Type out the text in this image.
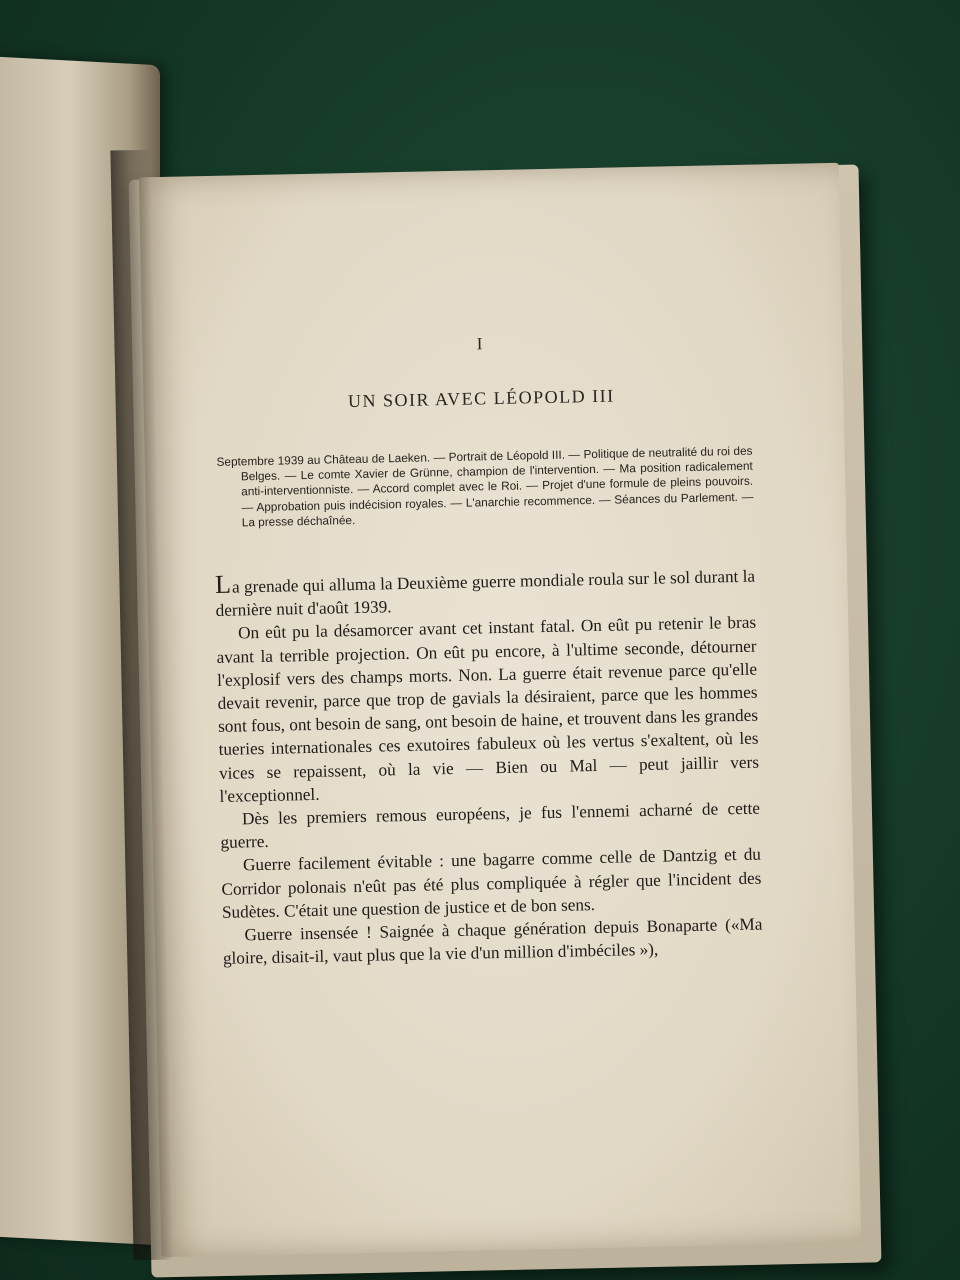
I
UN SOIR AVEC LÉOPOLD III
Septembre 1939 au Château de Laeken. — Portrait de Léopold III. — Politique de neutralité du roi des Belges. — Le comte Xavier de Grünne, champion de l'intervention. — Ma position radicalement anti-interventionniste. — Accord complet avec le Roi. — Projet d'une formule de pleins pouvoirs. — Approbation puis indécision royales. — L'anarchie recommence. — Séances du Parlement. — La presse déchaînée.

La grenade qui alluma la Deuxième guerre mondiale roula sur le sol durant la dernière nuit d'août 1939.

On eût pu la désamorcer avant cet instant fatal. On eût pu retenir le bras avant la terrible projection. On eût pu encore, à l'ultime seconde, détourner l'explosif vers des champs morts. Non. La guerre était revenue parce qu'elle devait revenir, parce que trop de gavials la désiraient, parce que les hommes sont fous, ont besoin de sang, ont besoin de haine, et trouvent dans les grandes tueries internationales ces exutoires fabuleux où les vertus s'exaltent, où les vices se repaissent, où la vie — Bien ou Mal — peut jaillir vers l'exceptionnel.

Dès les premiers remous européens, je fus l'ennemi acharné de cette guerre.

Guerre facilement évitable : une bagarre comme celle de Dantzig et du Corridor polonais n'eût pas été plus compliquée à régler que l'incident des Sudètes. C'était une question de justice et de bon sens.

Guerre insensée ! Saignée à chaque génération depuis Bonaparte («Ma gloire, disait-il, vaut plus que la vie d'un million d'imbéciles »),
